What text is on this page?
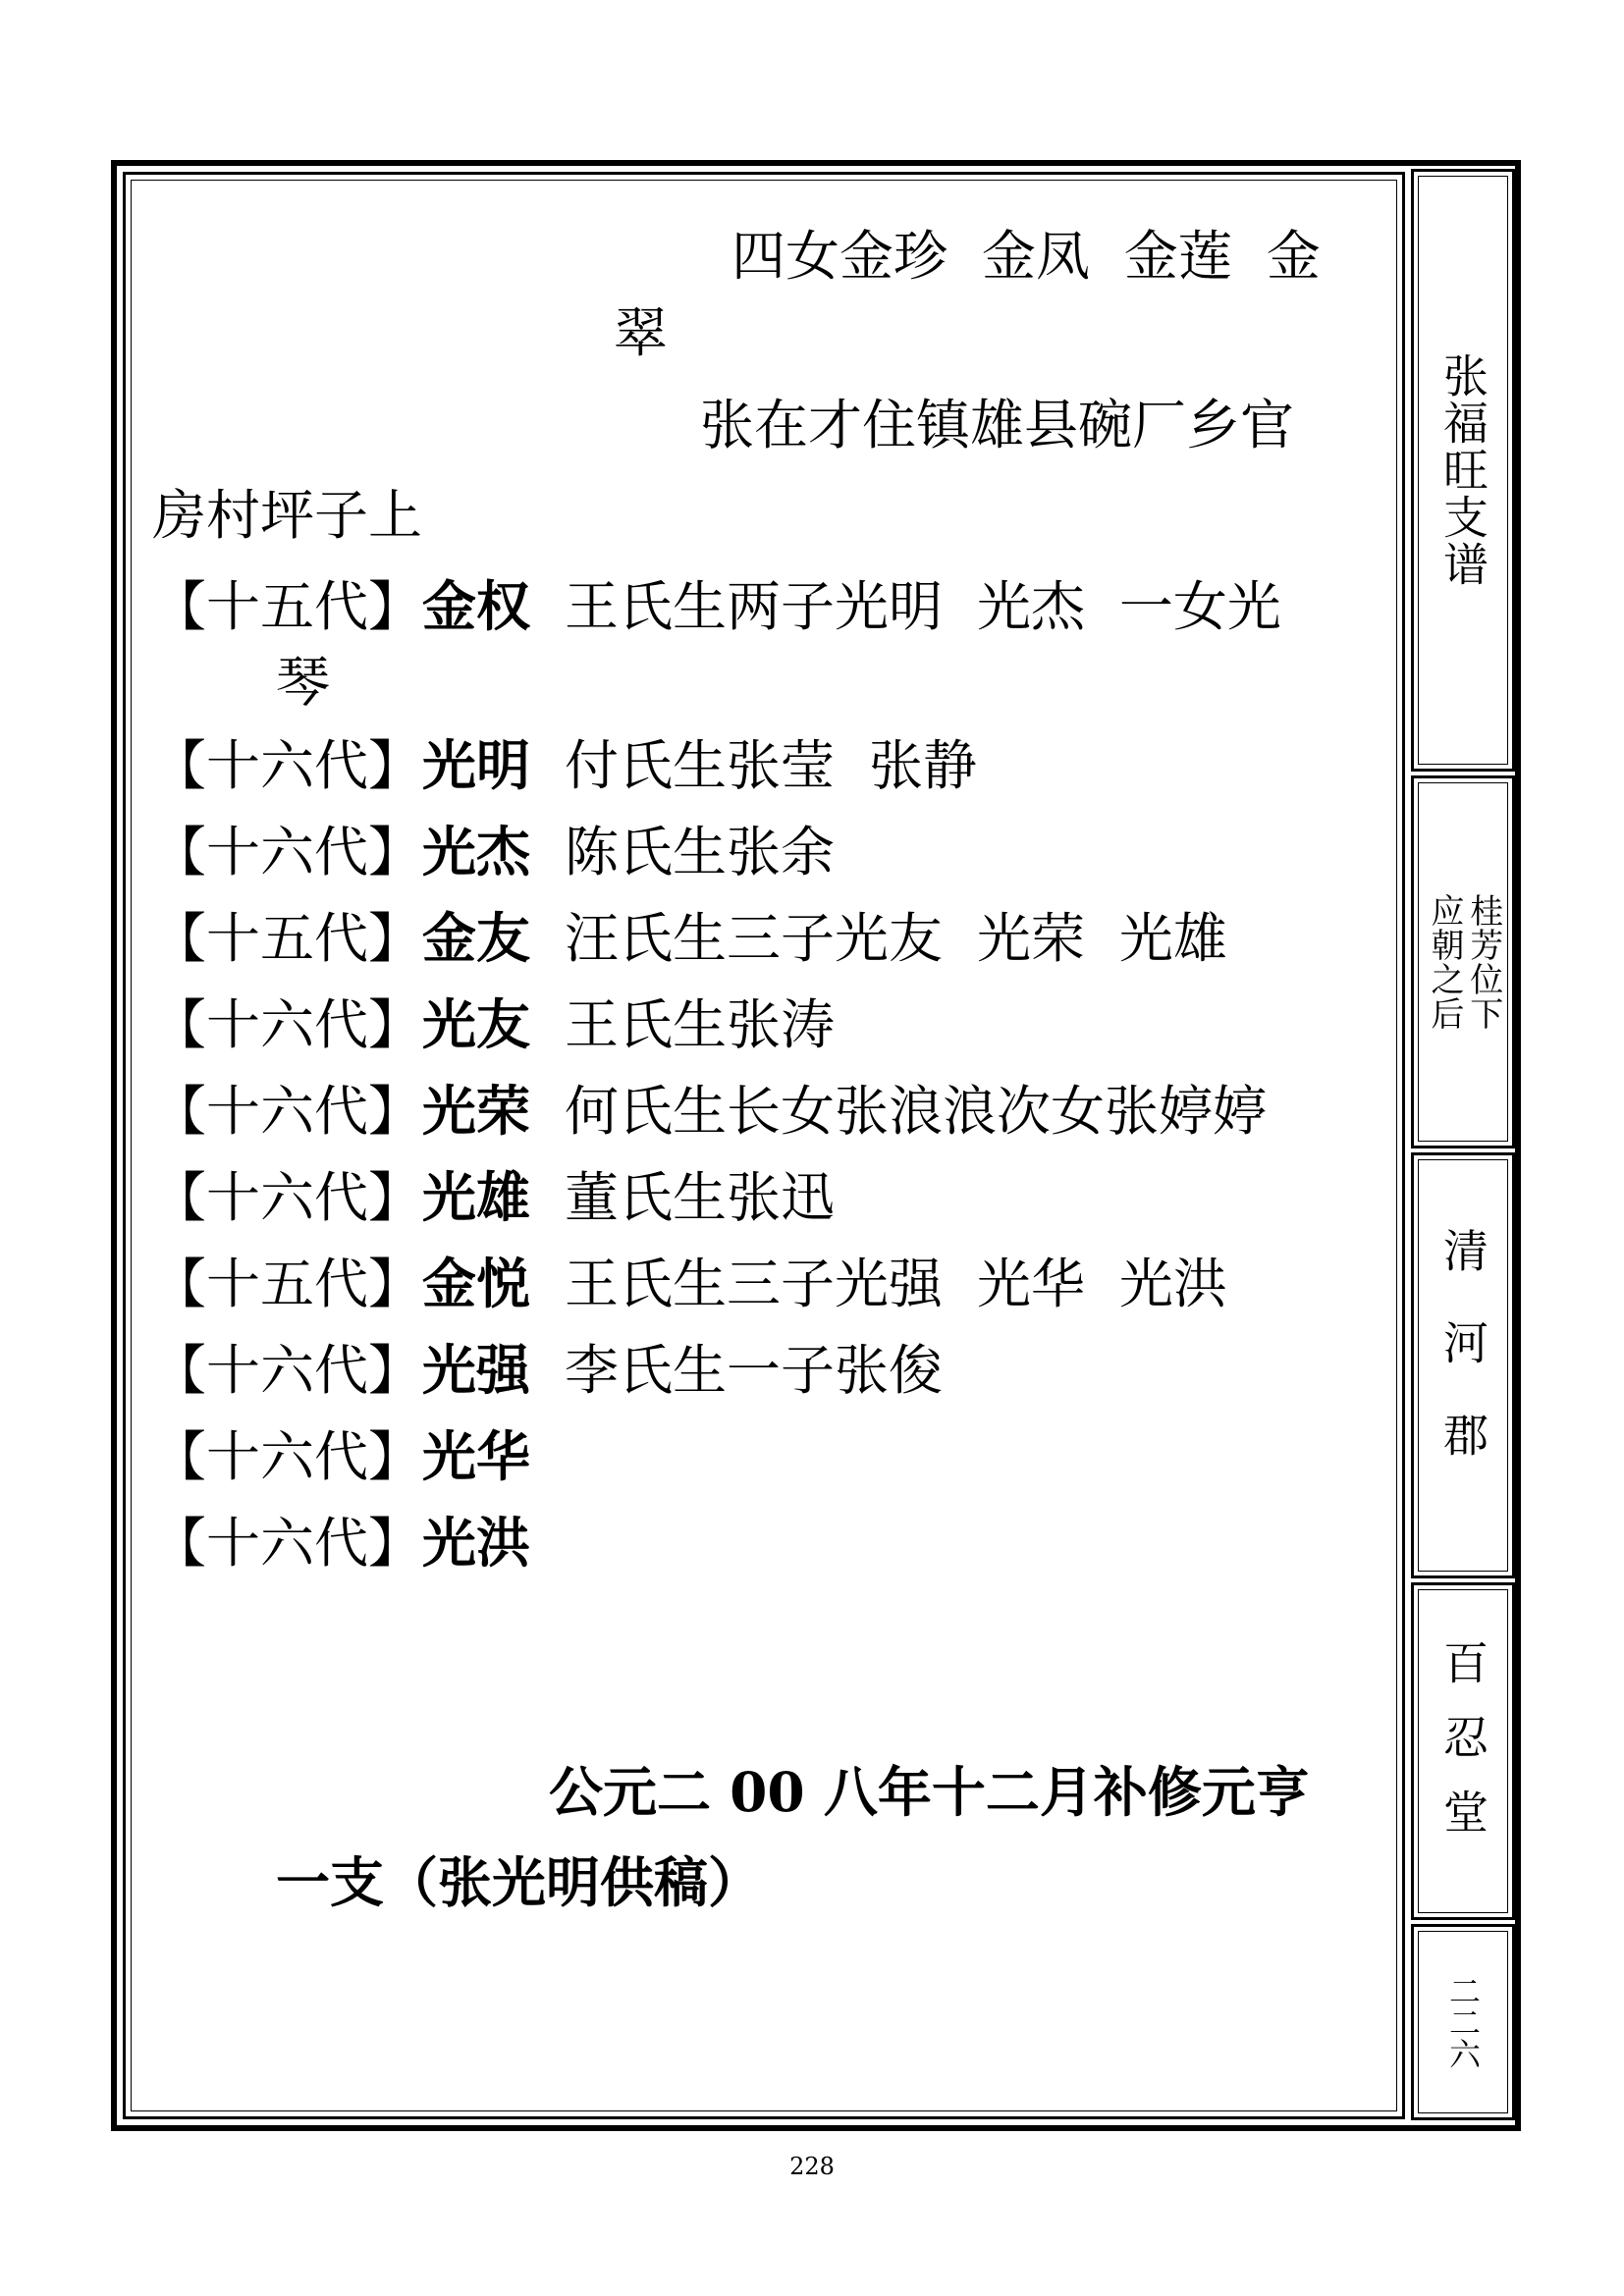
张福旺支谱
桂芳位下
应朝之后
清河郡
百忍堂
二二六
四女金珍  金凤  金莲  金
翠
张在才住镇雄县碗厂乡官
房村坪子上
【十五代】金权  王氏生两子光明  光杰  一女光
琴
【十六代】光明  付氏生张莹  张静
【十六代】光杰  陈氏生张余
【十五代】金友  汪氏生三子光友  光荣  光雄
【十六代】光友  王氏生张涛
【十六代】光荣  何氏生长女张浪浪次女张婷婷
【十六代】光雄  董氏生张迅
【十五代】金悦  王氏生三子光强  光华  光洪
【十六代】光强  李氏生一子张俊
【十六代】光华
【十六代】光洪
公元二 00 八年十二月补修元亨
一支（张光明供稿）
228
